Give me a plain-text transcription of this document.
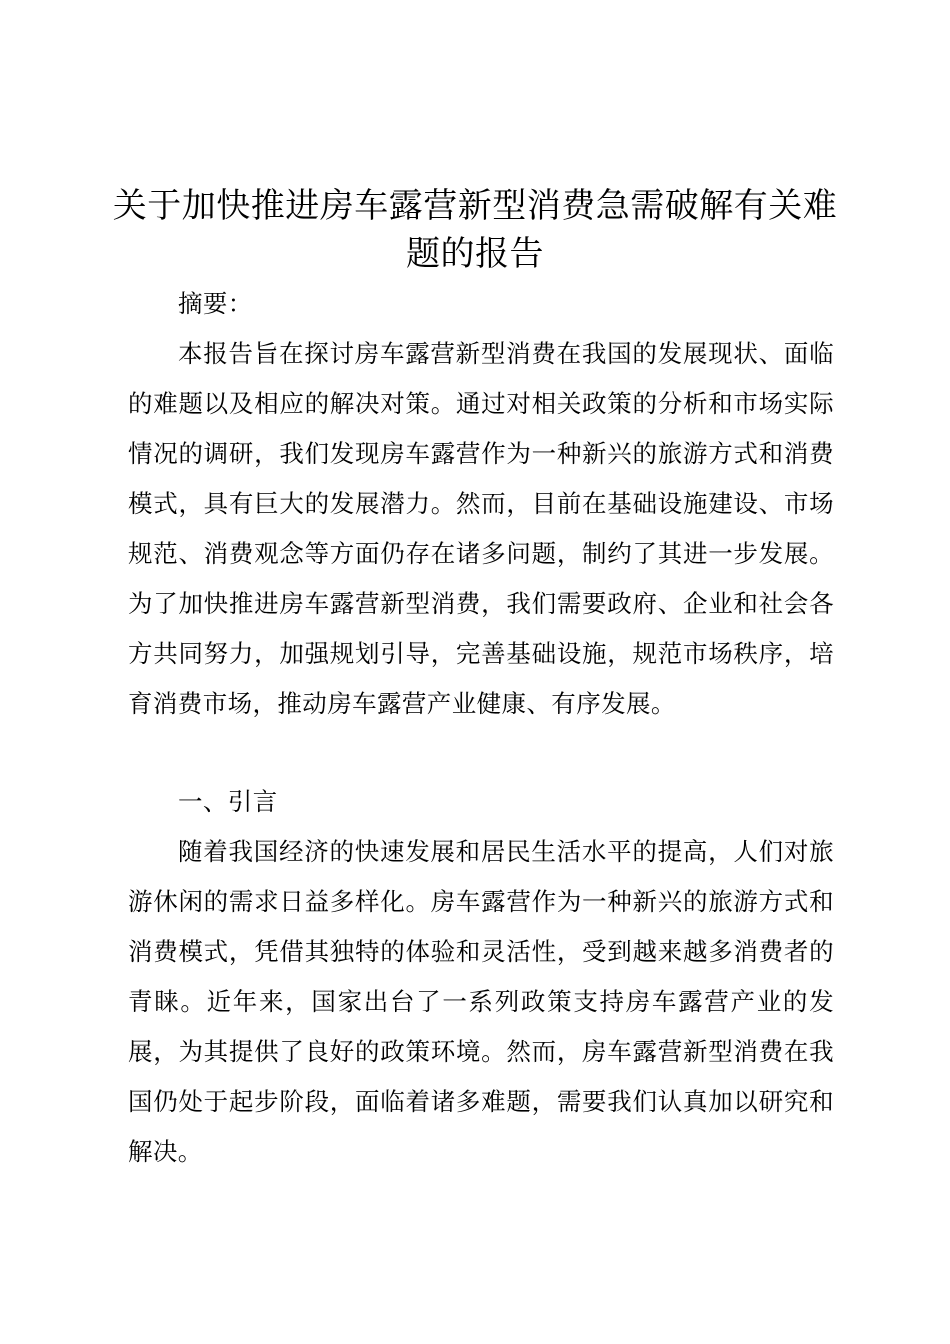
关于加快推进房车露营新型消费急需破解有关难题的报告

摘要：

本报告旨在探讨房车露营新型消费在我国的发展现状、面临的难题以及相应的解决对策。通过对相关政策的分析和市场实际情况的调研，我们发现房车露营作为一种新兴的旅游方式和消费模式，具有巨大的发展潜力。然而，目前在基础设施建设、市场规范、消费观念等方面仍存在诸多问题，制约了其进一步发展。为了加快推进房车露营新型消费，我们需要政府、企业和社会各方共同努力，加强规划引导，完善基础设施，规范市场秩序，培育消费市场，推动房车露营产业健康、有序发展。

一、引言

随着我国经济的快速发展和居民生活水平的提高，人们对旅游休闲的需求日益多样化。房车露营作为一种新兴的旅游方式和消费模式，凭借其独特的体验和灵活性，受到越来越多消费者的青睐。近年来，国家出台了一系列政策支持房车露营产业的发展，为其提供了良好的政策环境。然而，房车露营新型消费在我国仍处于起步阶段，面临着诸多难题，需要我们认真加以研究和解决。
